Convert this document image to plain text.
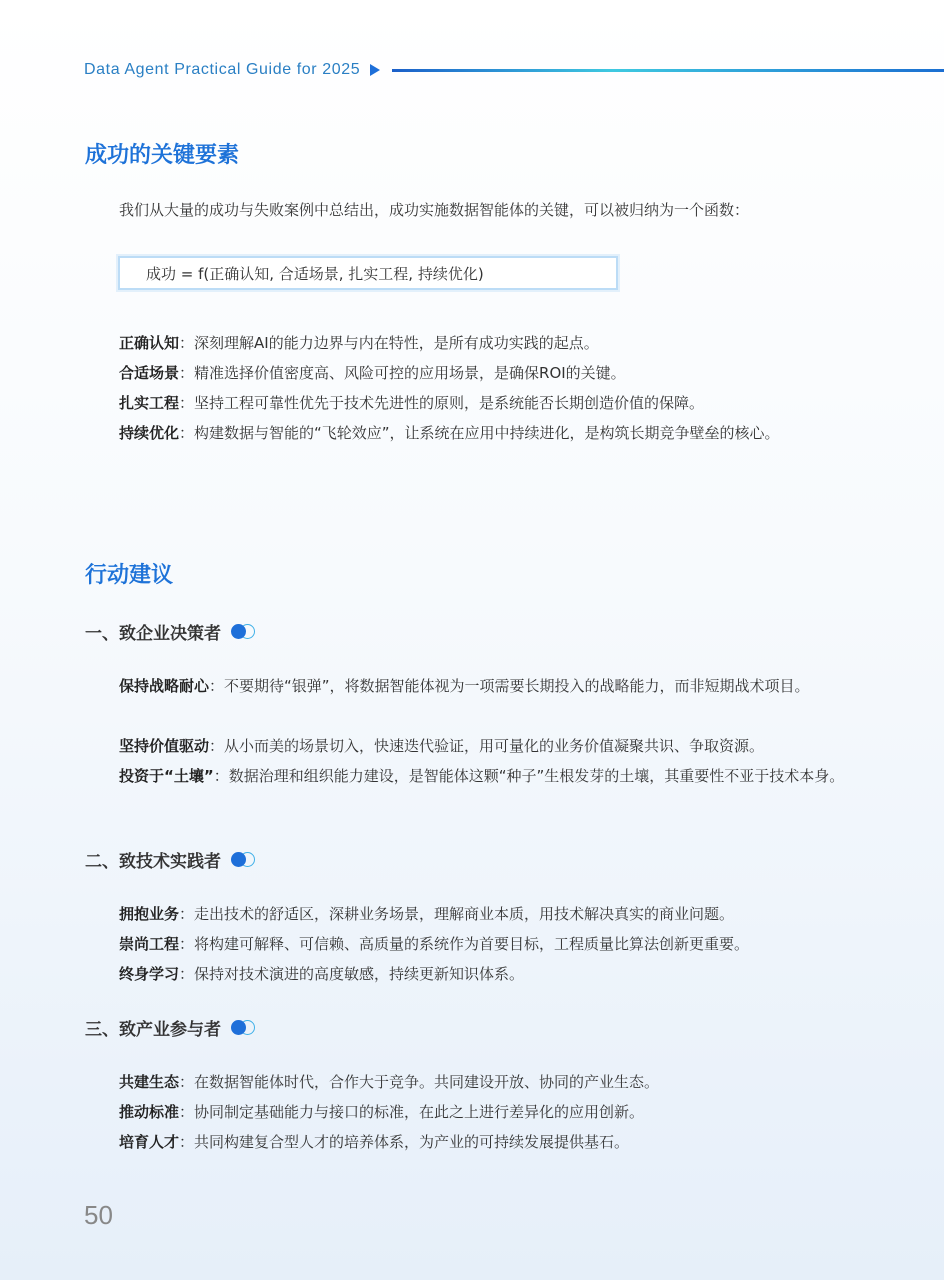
Data Agent Practical Guide for 2025
成功的关键要素

我们从大量的成功与失败案例中总结出，成功实施数据智能体的关键，可以被归纳为一个函数：

成功 = f(正确认知, 合适场景, 扎实工程, 持续优化)

正确认知：深刻理解AI的能力边界与内在特性，是所有成功实践的起点。

合适场景：精准选择价值密度高、风险可控的应用场景，是确保ROI的关键。

扎实工程：坚持工程可靠性优先于技术先进性的原则，是系统能否长期创造价值的保障。

持续优化：构建数据与智能的“飞轮效应”，让系统在应用中持续进化，是构筑长期竞争壁垒的核心。

行动建议
一、致企业决策者

保持战略耐心：不要期待“银弹”，将数据智能体视为一项需要长期投入的战略能力，而非短期战术项目。

坚持价值驱动：从小而美的场景切入，快速迭代验证，用可量化的业务价值凝聚共识、争取资源。

投资于“土壤”：数据治理和组织能力建设，是智能体这颗“种子”生根发芽的土壤，其重要性不亚于技术本身。

二、致技术实践者

拥抱业务：走出技术的舒适区，深耕业务场景，理解商业本质，用技术解决真实的商业问题。

崇尚工程：将构建可解释、可信赖、高质量的系统作为首要目标，工程质量比算法创新更重要。

终身学习：保持对技术演进的高度敏感，持续更新知识体系。

三、致产业参与者

共建生态：在数据智能体时代，合作大于竞争。共同建设开放、协同的产业生态。

推动标准：协同制定基础能力与接口的标准，在此之上进行差异化的应用创新。

培育人才：共同构建复合型人才的培养体系，为产业的可持续发展提供基石。

50
